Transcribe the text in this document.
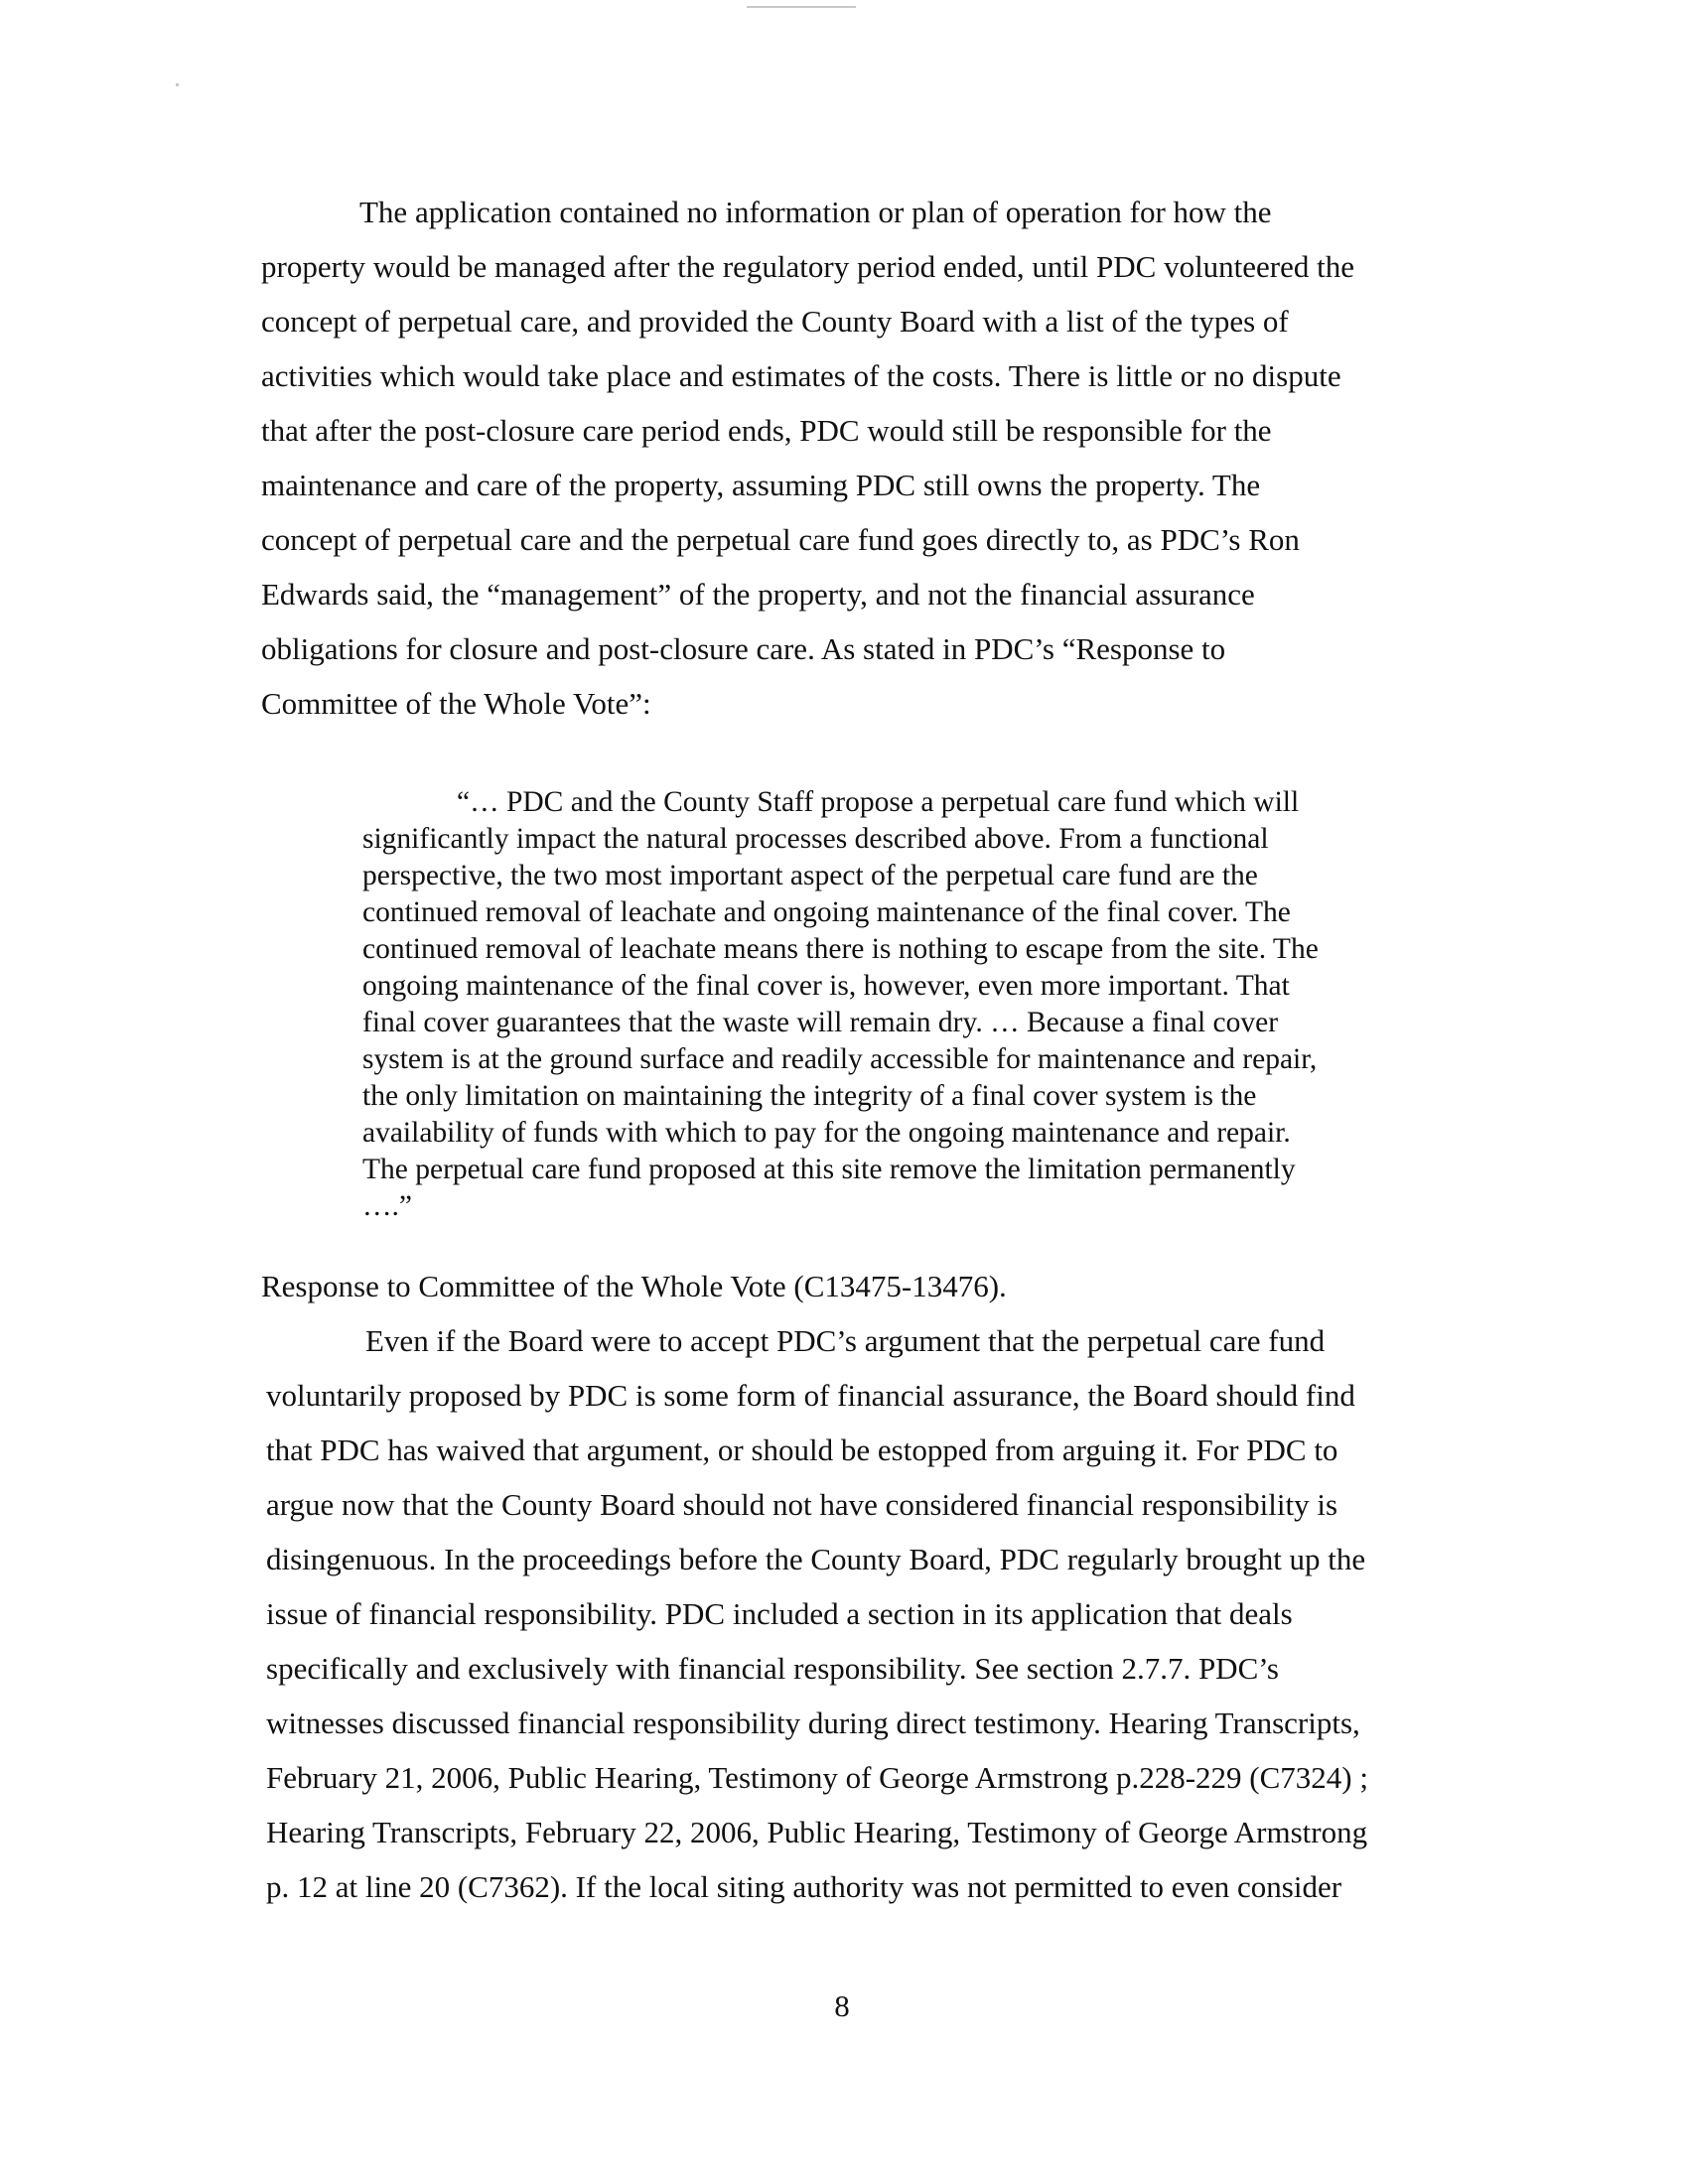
The application contained no information or plan of operation for how the
property would be managed after the regulatory period ended, until PDC volunteered the
concept of perpetual care, and provided the County Board with a list of the types of
activities which would take place and estimates of the costs. There is little or no dispute
that after the post-closure care period ends, PDC would still be responsible for the
maintenance and care of the property, assuming PDC still owns the property. The
concept of perpetual care and the perpetual care fund goes directly to, as PDC’s Ron
Edwards said, the “management” of the property, and not the financial assurance
obligations for closure and post-closure care. As stated in PDC’s “Response to
Committee of the Whole Vote”:
“… PDC and the County Staff propose a perpetual care fund which will
significantly impact the natural processes described above. From a functional
perspective, the two most important aspect of the perpetual care fund are the
continued removal of leachate and ongoing maintenance of the final cover. The
continued removal of leachate means there is nothing to escape from the site. The
ongoing maintenance of the final cover is, however, even more important. That
final cover guarantees that the waste will remain dry. … Because a final cover
system is at the ground surface and readily accessible for maintenance and repair,
the only limitation on maintaining the integrity of a final cover system is the
availability of funds with which to pay for the ongoing maintenance and repair.
The perpetual care fund proposed at this site remove the limitation permanently
….”
Response to Committee of the Whole Vote (C13475-13476).
Even if the Board were to accept PDC’s argument that the perpetual care fund
voluntarily proposed by PDC is some form of financial assurance, the Board should find
that PDC has waived that argument, or should be estopped from arguing it. For PDC to
argue now that the County Board should not have considered financial responsibility is
disingenuous. In the proceedings before the County Board, PDC regularly brought up the
issue of financial responsibility. PDC included a section in its application that deals
specifically and exclusively with financial responsibility. See section 2.7.7. PDC’s
witnesses discussed financial responsibility during direct testimony. Hearing Transcripts,
February 21, 2006, Public Hearing, Testimony of George Armstrong p.228-229 (C7324) ;
Hearing Transcripts, February 22, 2006, Public Hearing, Testimony of George Armstrong
p. 12 at line 20 (C7362). If the local siting authority was not permitted to even consider
8
